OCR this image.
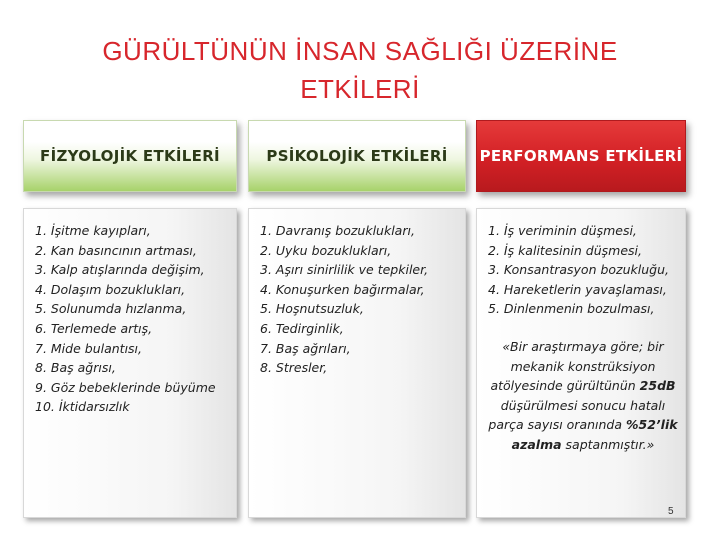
GÜRÜLTÜNÜN İNSAN SAĞLIĞI ÜZERİNE
ETKİLERİ
FİZYOLOJİK ETKİLERİ	PSİKOLOJİK ETKİLERİ	PERFORMANS ETKİLERİ
1. İşitme kayıpları,
2. Kan basıncının artması,
3. Kalp atışlarında değişim,
4. Dolaşım bozuklukları,
5. Solunumda hızlanma,
6. Terlemede artış,
7. Mide bulantısı,
8. Baş ağrısı,
9. Göz bebeklerinde büyüme
10. İktidarsızlık
1. Davranış bozuklukları,
2. Uyku bozuklukları,
3. Aşırı sinirlilik ve tepkiler,
4. Konuşurken bağırmalar,
5. Hoşnutsuzluk,
6. Tedirginlik,
7. Baş ağrıları,
8. Stresler,
1. İş veriminin düşmesi,
2. İş kalitesinin düşmesi,
3. Konsantrasyon bozukluğu,
4. Hareketlerin yavaşlaması,
5. Dinlenmenin bozulması,
«Bir araştırmaya göre; bir mekanik konstrüksiyon atölyesinde gürültünün 25dB düşürülmesi sonucu hatalı parça sayısı oranında %52’lik azalma saptanmıştır.»
5
